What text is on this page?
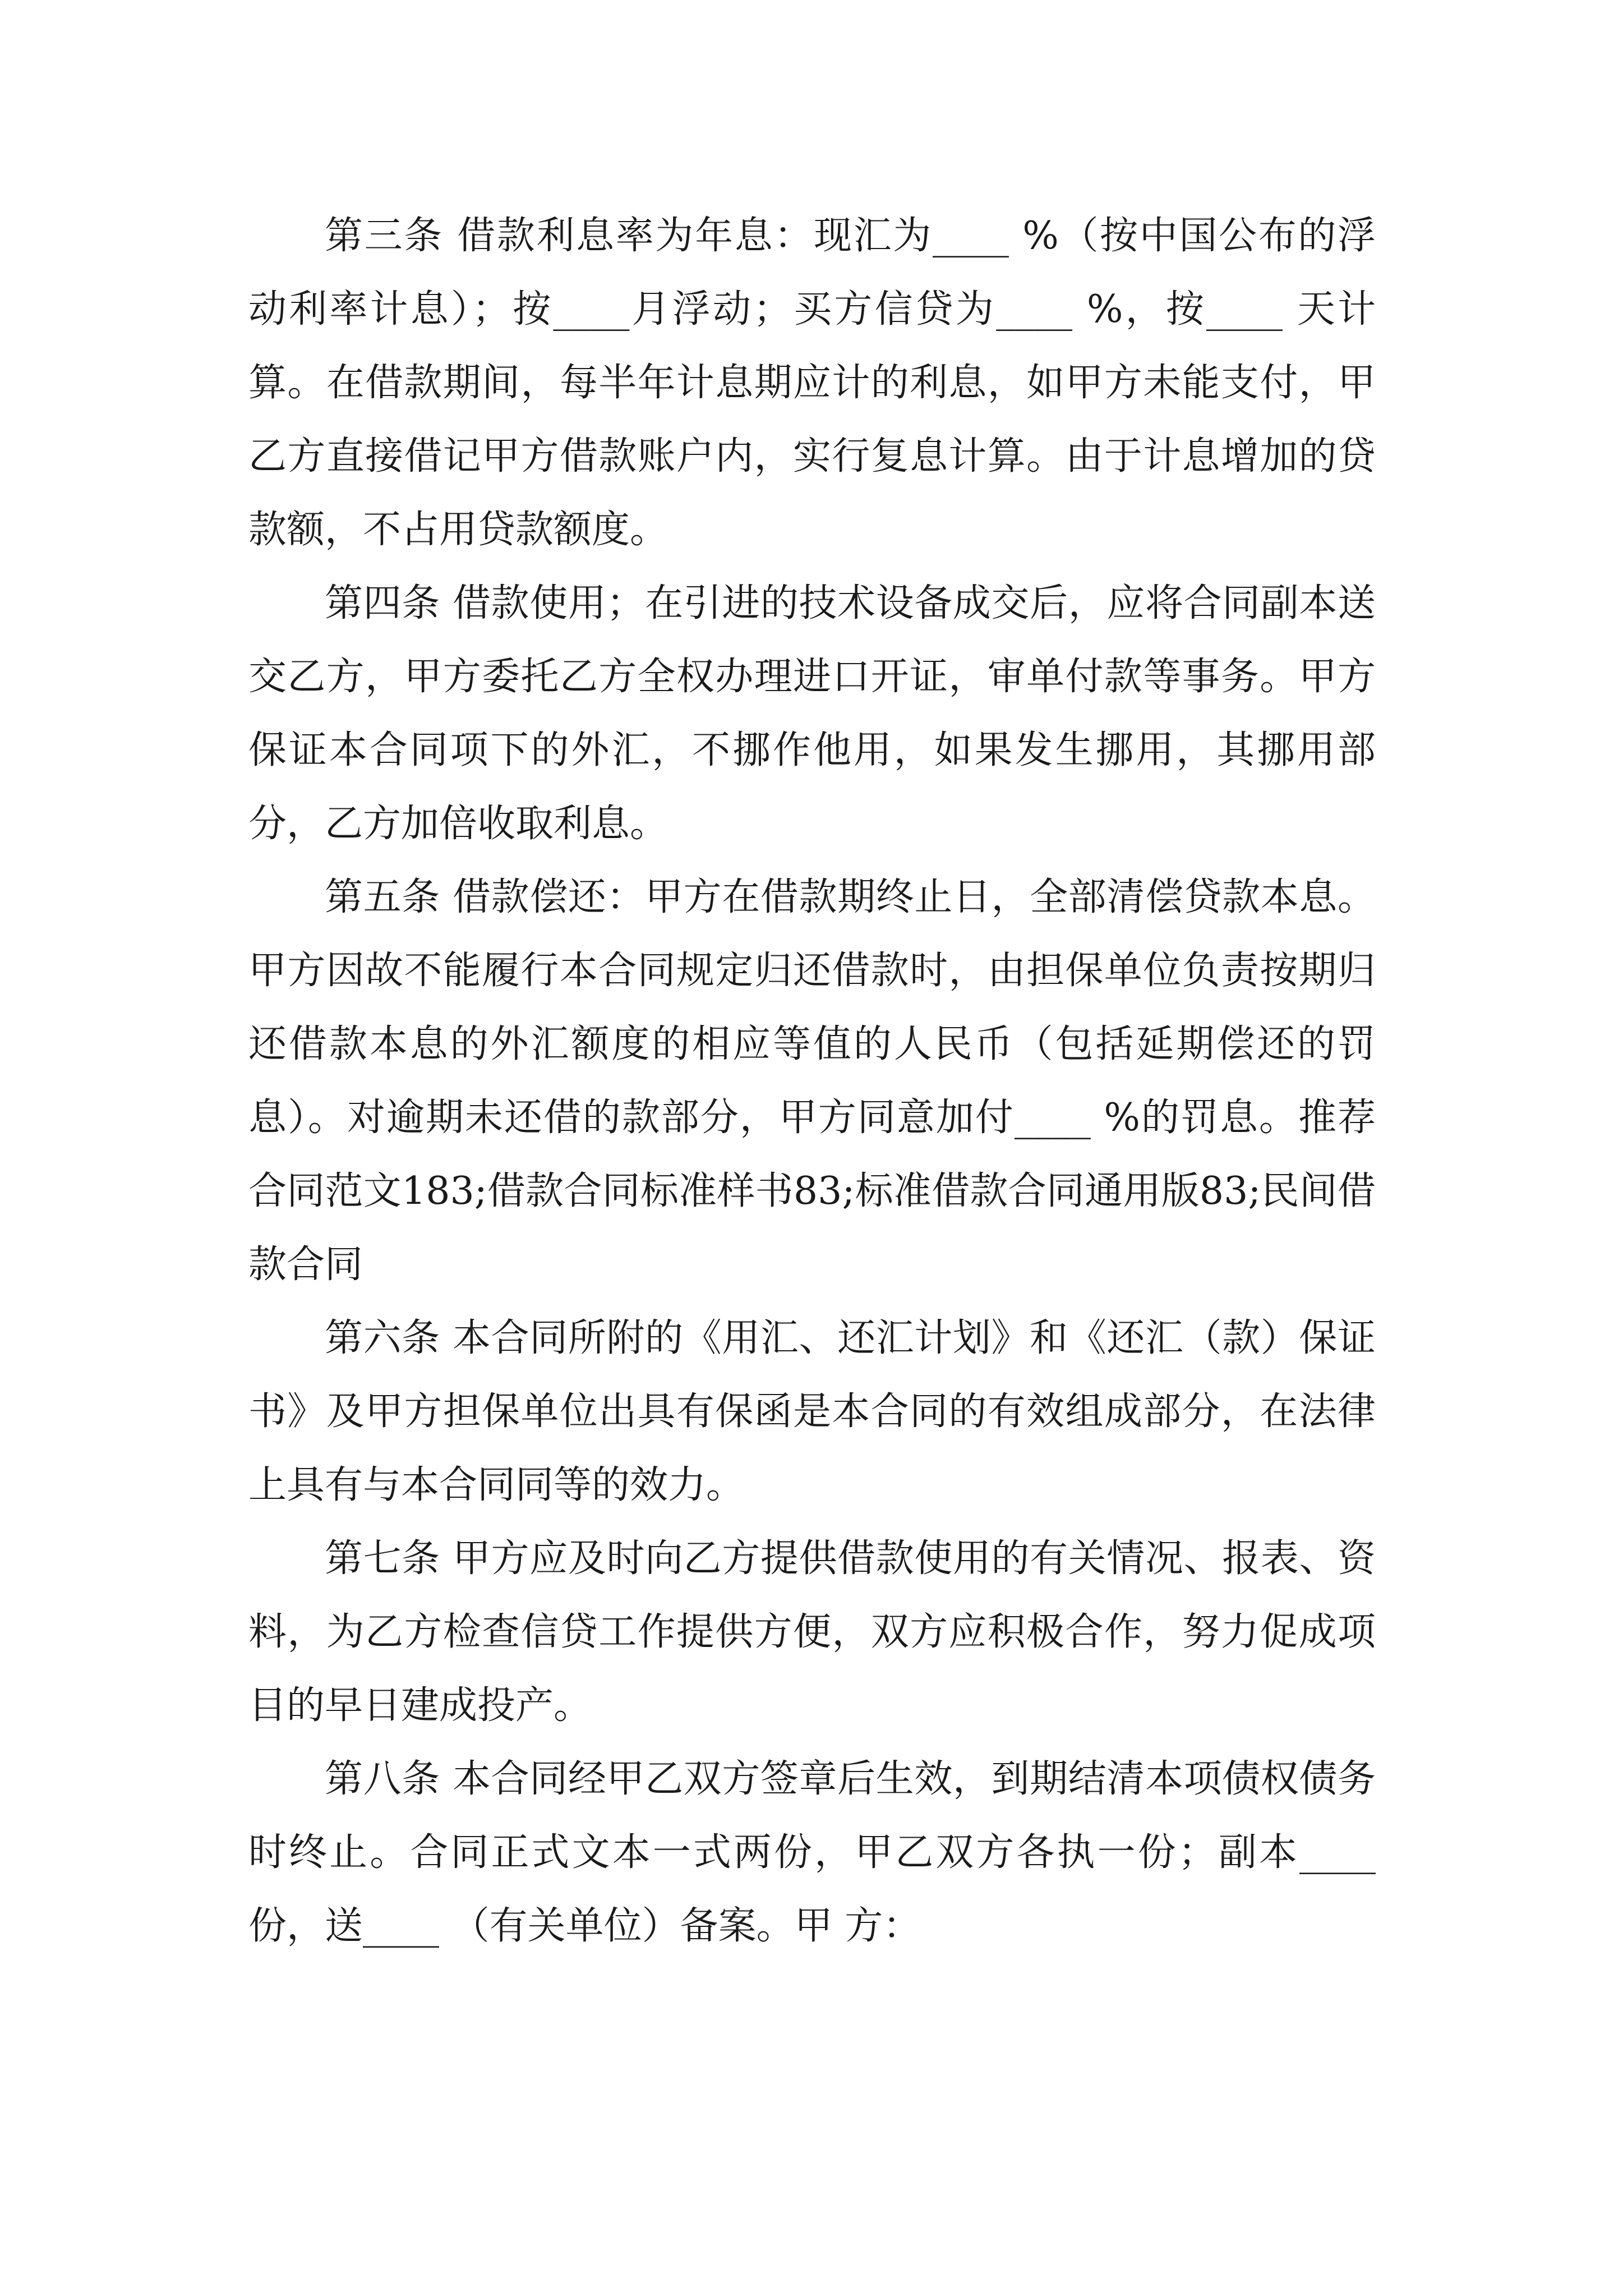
第三条 借款利息率为年息：现汇为____ %（按中国公布的浮动利率计息）；按____月浮动；买方信贷为____ %，按____ 天计算。在借款期间，每半年计息期应计的利息，如甲方未能支付，甲乙方直接借记甲方借款账户内，实行复息计算。由于计息增加的贷款额，不占用贷款额度。

第四条 借款使用；在引进的技术设备成交后，应将合同副本送交乙方，甲方委托乙方全权办理进口开证，审单付款等事务。甲方保证本合同项下的外汇，不挪作他用，如果发生挪用，其挪用部分，乙方加倍收取利息。

第五条 借款偿还：甲方在借款期终止日，全部清偿贷款本息。甲方因故不能履行本合同规定归还借款时，由担保单位负责按期归还借款本息的外汇额度的相应等值的人民币（包括延期偿还的罚息）。对逾期未还借的款部分，甲方同意加付____ %的罚息。推荐合同范文183;借款合同标准样书83;标准借款合同通用版83;民间借款合同

第六条 本合同所附的《用汇、还汇计划》和《还汇（款）保证书》及甲方担保单位出具有保函是本合同的有效组成部分，在法律上具有与本合同同等的效力。

第七条 甲方应及时向乙方提供借款使用的有关情况、报表、资料，为乙方检查信贷工作提供方便，双方应积极合作，努力促成项目的早日建成投产。

第八条 本合同经甲乙双方签章后生效，到期结清本项债权债务时终止。合同正式文本一式两份，甲乙双方各执一份；副本____ 份，送____ （有关单位）备案。甲 方：
